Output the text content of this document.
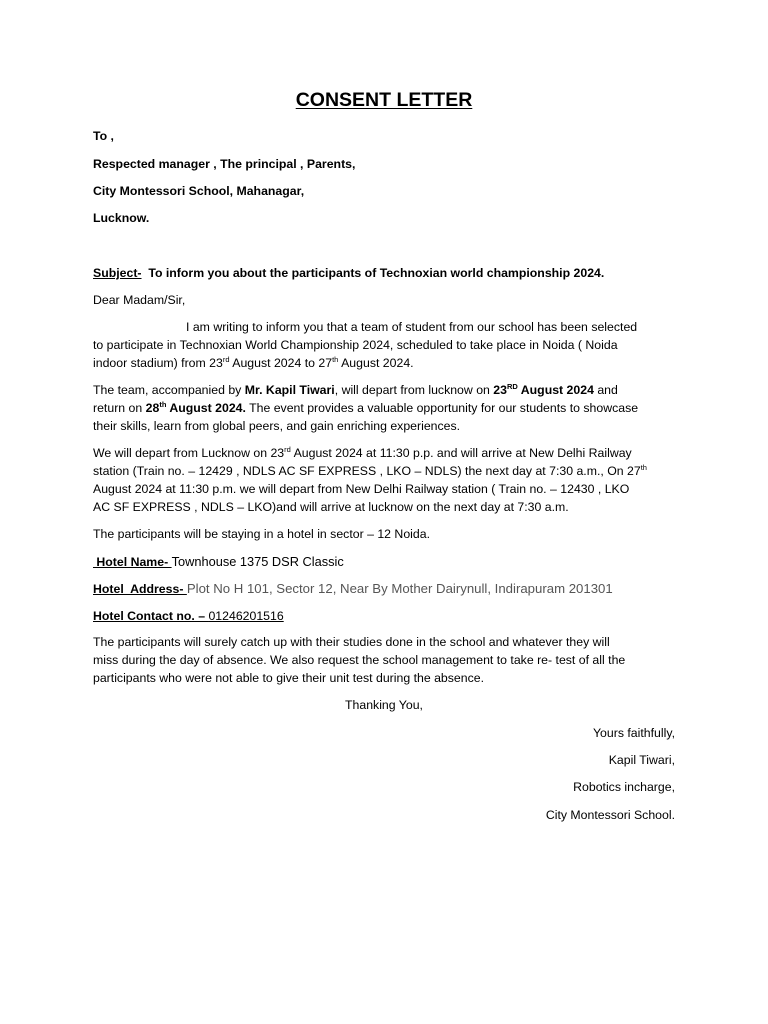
CONSENT LETTER
To ,
Respected manager , The principal , Parents,
City Montessori School, Mahanagar,
Lucknow.
Subject-  To inform you about the participants of Technoxian world championship 2024.
Dear Madam/Sir,
I am writing to inform you that a team of student from our school has been selected
to participate in Technoxian World Championship 2024, scheduled to take place in Noida ( Noida
indoor stadium) from 23rd August 2024 to 27th August 2024.
The team, accompanied by Mr. Kapil Tiwari, will depart from lucknow on 23RD August 2024 and
return on 28th August 2024. The event provides a valuable opportunity for our students to showcase
their skills, learn from global peers, and gain enriching experiences.
We will depart from Lucknow on 23rd August 2024 at 11:30 p.p. and will arrive at New Delhi Railway
station (Train no. – 12429 , NDLS AC SF EXPRESS , LKO – NDLS) the next day at 7:30 a.m., On 27th
August 2024 at 11:30 p.m. we will depart from New Delhi Railway station ( Train no. – 12430 , LKO
AC SF EXPRESS , NDLS – LKO)and will arrive at lucknow on the next day at 7:30 a.m.
The participants will be staying in a hotel in sector – 12 Noida.
Hotel Name- Townhouse 1375 DSR Classic
Hotel  Address- Plot No H 101, Sector 12, Near By Mother Dairynull, Indirapuram 201301
Hotel Contact no. – 01246201516
The participants will surely catch up with their studies done in the school and whatever they will
miss during the day of absence. We also request the school management to take re- test of all the
participants who were not able to give their unit test during the absence.
Thanking You,
Yours faithfully,
Kapil Tiwari,
Robotics incharge,
City Montessori School.
